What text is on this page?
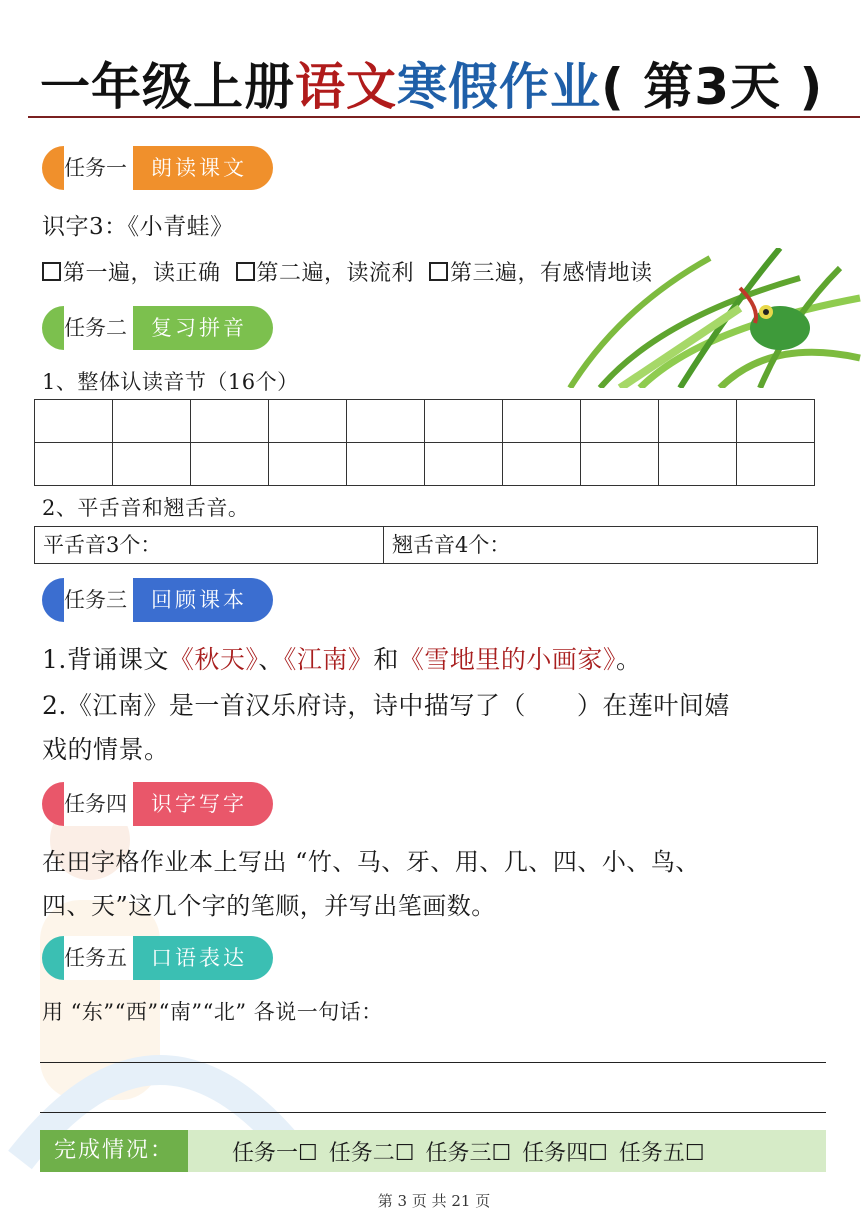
一年级上册语文寒假作业( 第3天 )
任务一	朗读课文
识字3：《小青蛙》
第一遍，读正确 第二遍，读流利 第三遍，有感情地读
任务二	复习拼音
1、整体认读音节（16个）

2、平舌音和翘舌音。
平舌音3个：	翘舌音4个：
任务三	回顾课本
1.背诵课文《秋天》、《江南》和《雪地里的小画家》。
2.《江南》是一首汉乐府诗，诗中描写了（　　）在莲叶间嬉
戏的情景。
任务四	识字写字
在田字格作业本上写出 “竹、马、牙、用、几、四、小、鸟、
四、天”这几个字的笔顺，并写出笔画数。
任务五	口语表达
用 “东”“西”“南”“北” 各说一句话：
完成情况：	任务一☐ 任务二☐ 任务三☐ 任务四☐ 任务五☐
第 3 页 共 21 页
